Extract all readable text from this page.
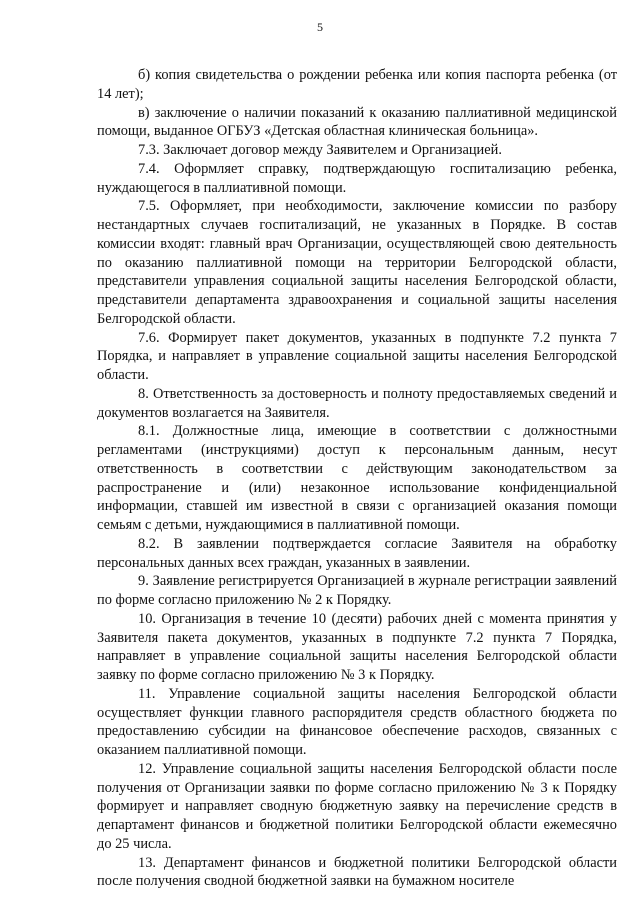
5

б) копия свидетельства о рождении ребенка или копия паспорта ребенка (от 14 лет);

в) заключение о наличии показаний к оказанию паллиативной медицинской помощи, выданное ОГБУЗ «Детская областная клиническая больница».

7.3. Заключает договор между Заявителем и Организацией.

7.4. Оформляет справку, подтверждающую госпитализацию ребенка, нуждающегося в паллиативной помощи.

7.5. Оформляет, при необходимости, заключение комиссии по разбору нестандартных случаев госпитализаций, не указанных в Порядке. В состав комиссии входят: главный врач Организации, осуществляющей свою деятельность по оказанию паллиативной помощи на территории Белгородской области, представители управления социальной защиты населения Белгородской области, представители департамента здравоохранения и социальной защиты населения Белгородской области.

7.6. Формирует пакет документов, указанных в подпункте 7.2 пункта 7 Порядка, и направляет в управление социальной защиты населения Белгородской области.

8. Ответственность за достоверность и полноту предоставляемых сведений и документов возлагается на Заявителя.

8.1. Должностные лица, имеющие в соответствии с должностными регламентами (инструкциями) доступ к персональным данным, несут ответственность в соответствии с действующим законодательством за распространение и (или) незаконное использование конфиденциальной информации, ставшей им известной в связи с организацией оказания помощи семьям с детьми, нуждающимися в паллиативной помощи.

8.2. В заявлении подтверждается согласие Заявителя на обработку персональных данных всех граждан, указанных в заявлении.

9. Заявление регистрируется Организацией в журнале регистрации заявлений по форме согласно приложению № 2 к Порядку.

10. Организация в течение 10 (десяти) рабочих дней с момента принятия у Заявителя пакета документов, указанных в подпункте 7.2 пункта 7 Порядка, направляет в управление социальной защиты населения Белгородской области заявку по форме согласно приложению № 3 к Порядку.

11. Управление социальной защиты населения Белгородской области осуществляет функции главного распорядителя средств областного бюджета по предоставлению субсидии на финансовое обеспечение расходов, связанных с оказанием паллиативной помощи.

12. Управление социальной защиты населения Белгородской области после получения от Организации заявки по форме согласно приложению № 3 к Порядку формирует и направляет сводную бюджетную заявку на перечисление средств в департамент финансов и бюджетной политики Белгородской области ежемесячно до 25 числа.

13. Департамент финансов и бюджетной политики Белгородской области после получения сводной бюджетной заявки на бумажном носителе
